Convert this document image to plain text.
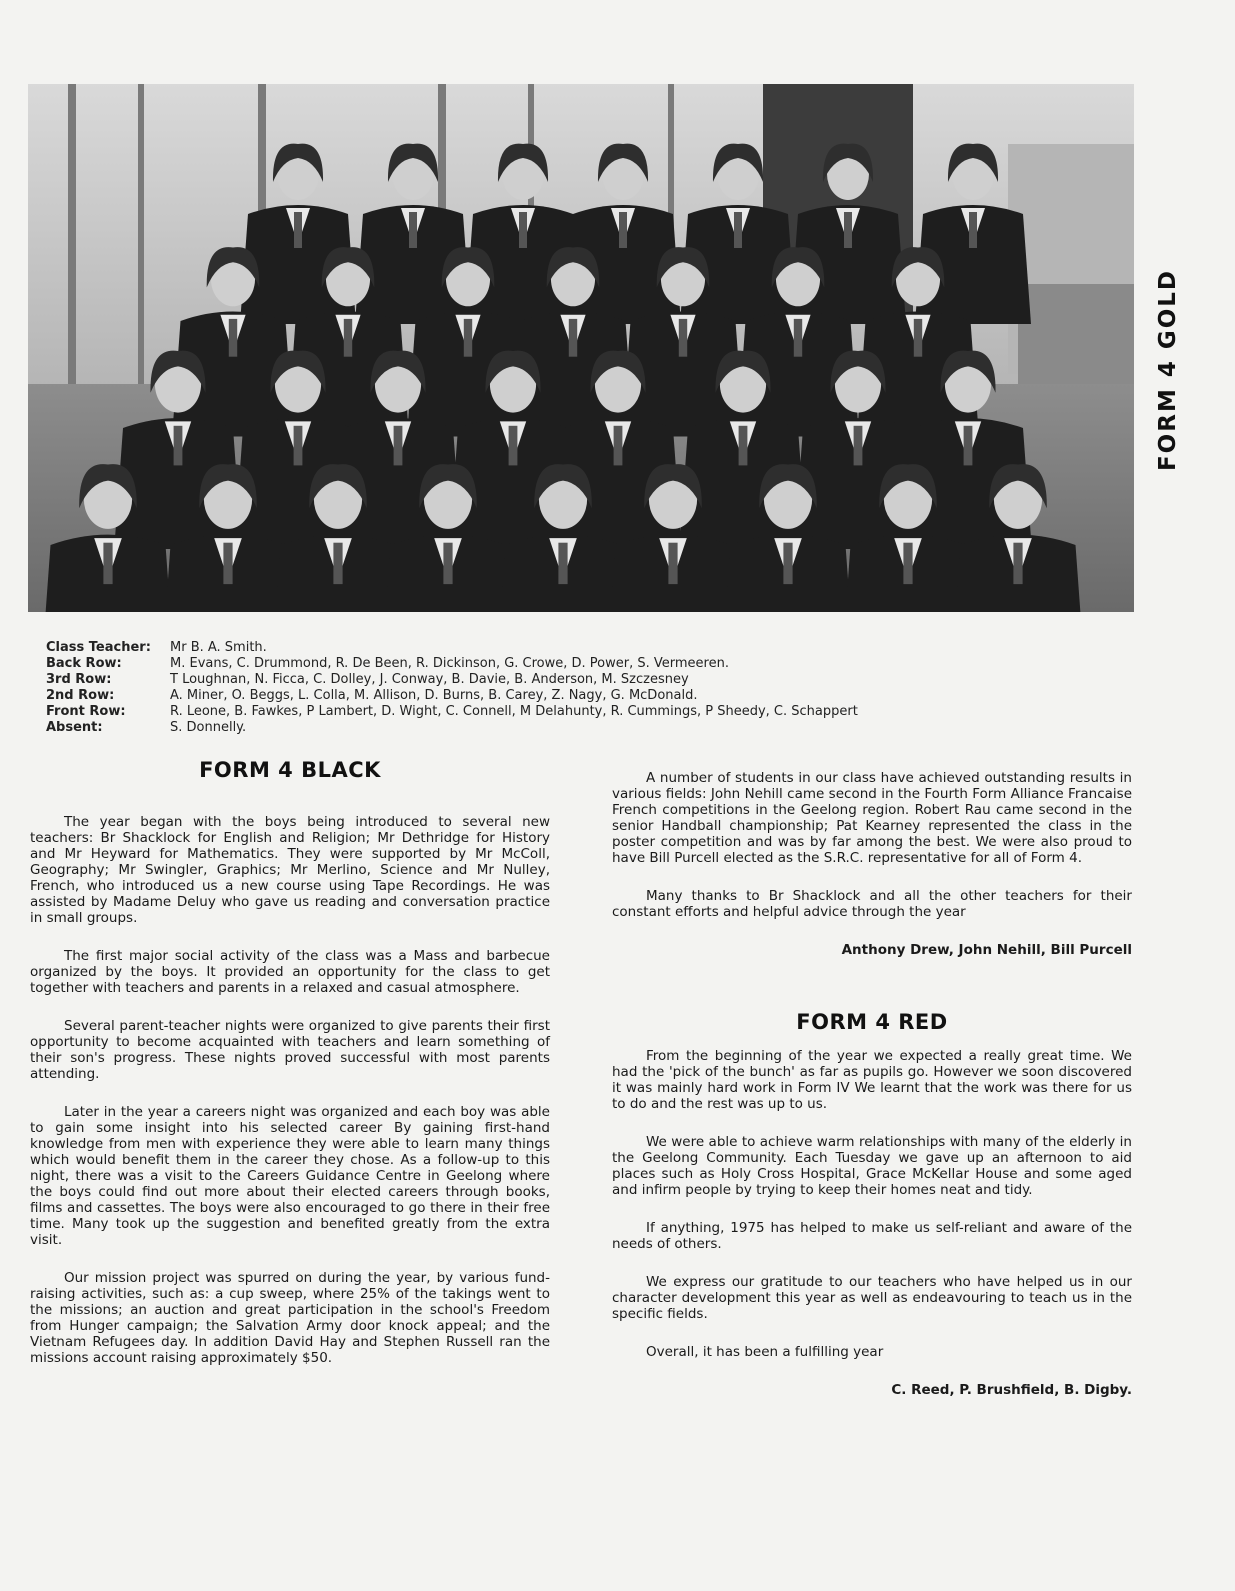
FORM 4 GOLD
Class Teacher:	Mr B. A. Smith.
Back Row:	M. Evans, C. Drummond, R. De Been, R. Dickinson, G. Crowe, D. Power, S. Vermeeren.
3rd Row:	T Loughnan, N. Ficca, C. Dolley, J. Conway, B. Davie, B. Anderson, M. Szczesney
2nd Row:	A. Miner, O. Beggs, L. Colla, M. Allison, D. Burns, B. Carey, Z. Nagy, G. McDonald.
Front Row:	R. Leone, B. Fawkes, P Lambert, D. Wight, C. Connell, M Delahunty, R. Cummings, P Sheedy, C. Schappert
Absent:	S. Donnelly.
FORM 4 BLACK

The year began with the boys being introduced to several new teachers: Br Shacklock for English and Religion; Mr Dethridge for History and Mr Heyward for Mathematics. They were supported by Mr McColl, Geography; Mr Swingler, Graphics; Mr Merlino, Science and Mr Nulley, French, who introduced us a new course using Tape Recordings. He was assisted by Madame Deluy who gave us reading and conversation practice in small groups.

The first major social activity of the class was a Mass and barbecue organized by the boys. It provided an opportunity for the class to get together with teachers and parents in a relaxed and casual atmosphere.

Several parent-teacher nights were organized to give parents their first opportunity to become acquainted with teachers and learn something of their son's progress. These nights proved successful with most parents attending.

Later in the year a careers night was organized and each boy was able to gain some insight into his selected career By gaining first-hand knowledge from men with experience they were able to learn many things which would benefit them in the career they chose. As a follow-up to this night, there was a visit to the Careers Guidance Centre in Geelong where the boys could find out more about their elected careers through books, films and cassettes. The boys were also encouraged to go there in their free time. Many took up the suggestion and benefited greatly from the extra visit.

Our mission project was spurred on during the year, by various fund-raising activities, such as: a cup sweep, where 25% of the takings went to the missions; an auction and great participation in the school's Freedom from Hunger campaign; the Salvation Army door knock appeal; and the Vietnam Refugees day. In addition David Hay and Stephen Russell ran the missions account raising approximately $50.

A number of students in our class have achieved outstanding results in various fields: John Nehill came second in the Fourth Form Alliance Francaise French competitions in the Geelong region. Robert Rau came second in the senior Handball championship; Pat Kearney represented the class in the poster competition and was by far among the best. We were also proud to have Bill Purcell elected as the S.R.C. representative for all of Form 4.

Many thanks to Br Shacklock and all the other teachers for their constant efforts and helpful advice through the year

Anthony Drew, John Nehill, Bill Purcell
FORM 4 RED

From the beginning of the year we expected a really great time. We had the 'pick of the bunch' as far as pupils go. However we soon discovered it was mainly hard work in Form IV We learnt that the work was there for us to do and the rest was up to us.

We were able to achieve warm relationships with many of the elderly in the Geelong Community. Each Tuesday we gave up an afternoon to aid places such as Holy Cross Hospital, Grace McKellar House and some aged and infirm people by trying to keep their homes neat and tidy.

If anything, 1975 has helped to make us self-reliant and aware of the needs of others.

We express our gratitude to our teachers who have helped us in our character development this year as well as endeavouring to teach us in the specific fields.

Overall, it has been a fulfilling year

C. Reed, P. Brushfield, B. Digby.
